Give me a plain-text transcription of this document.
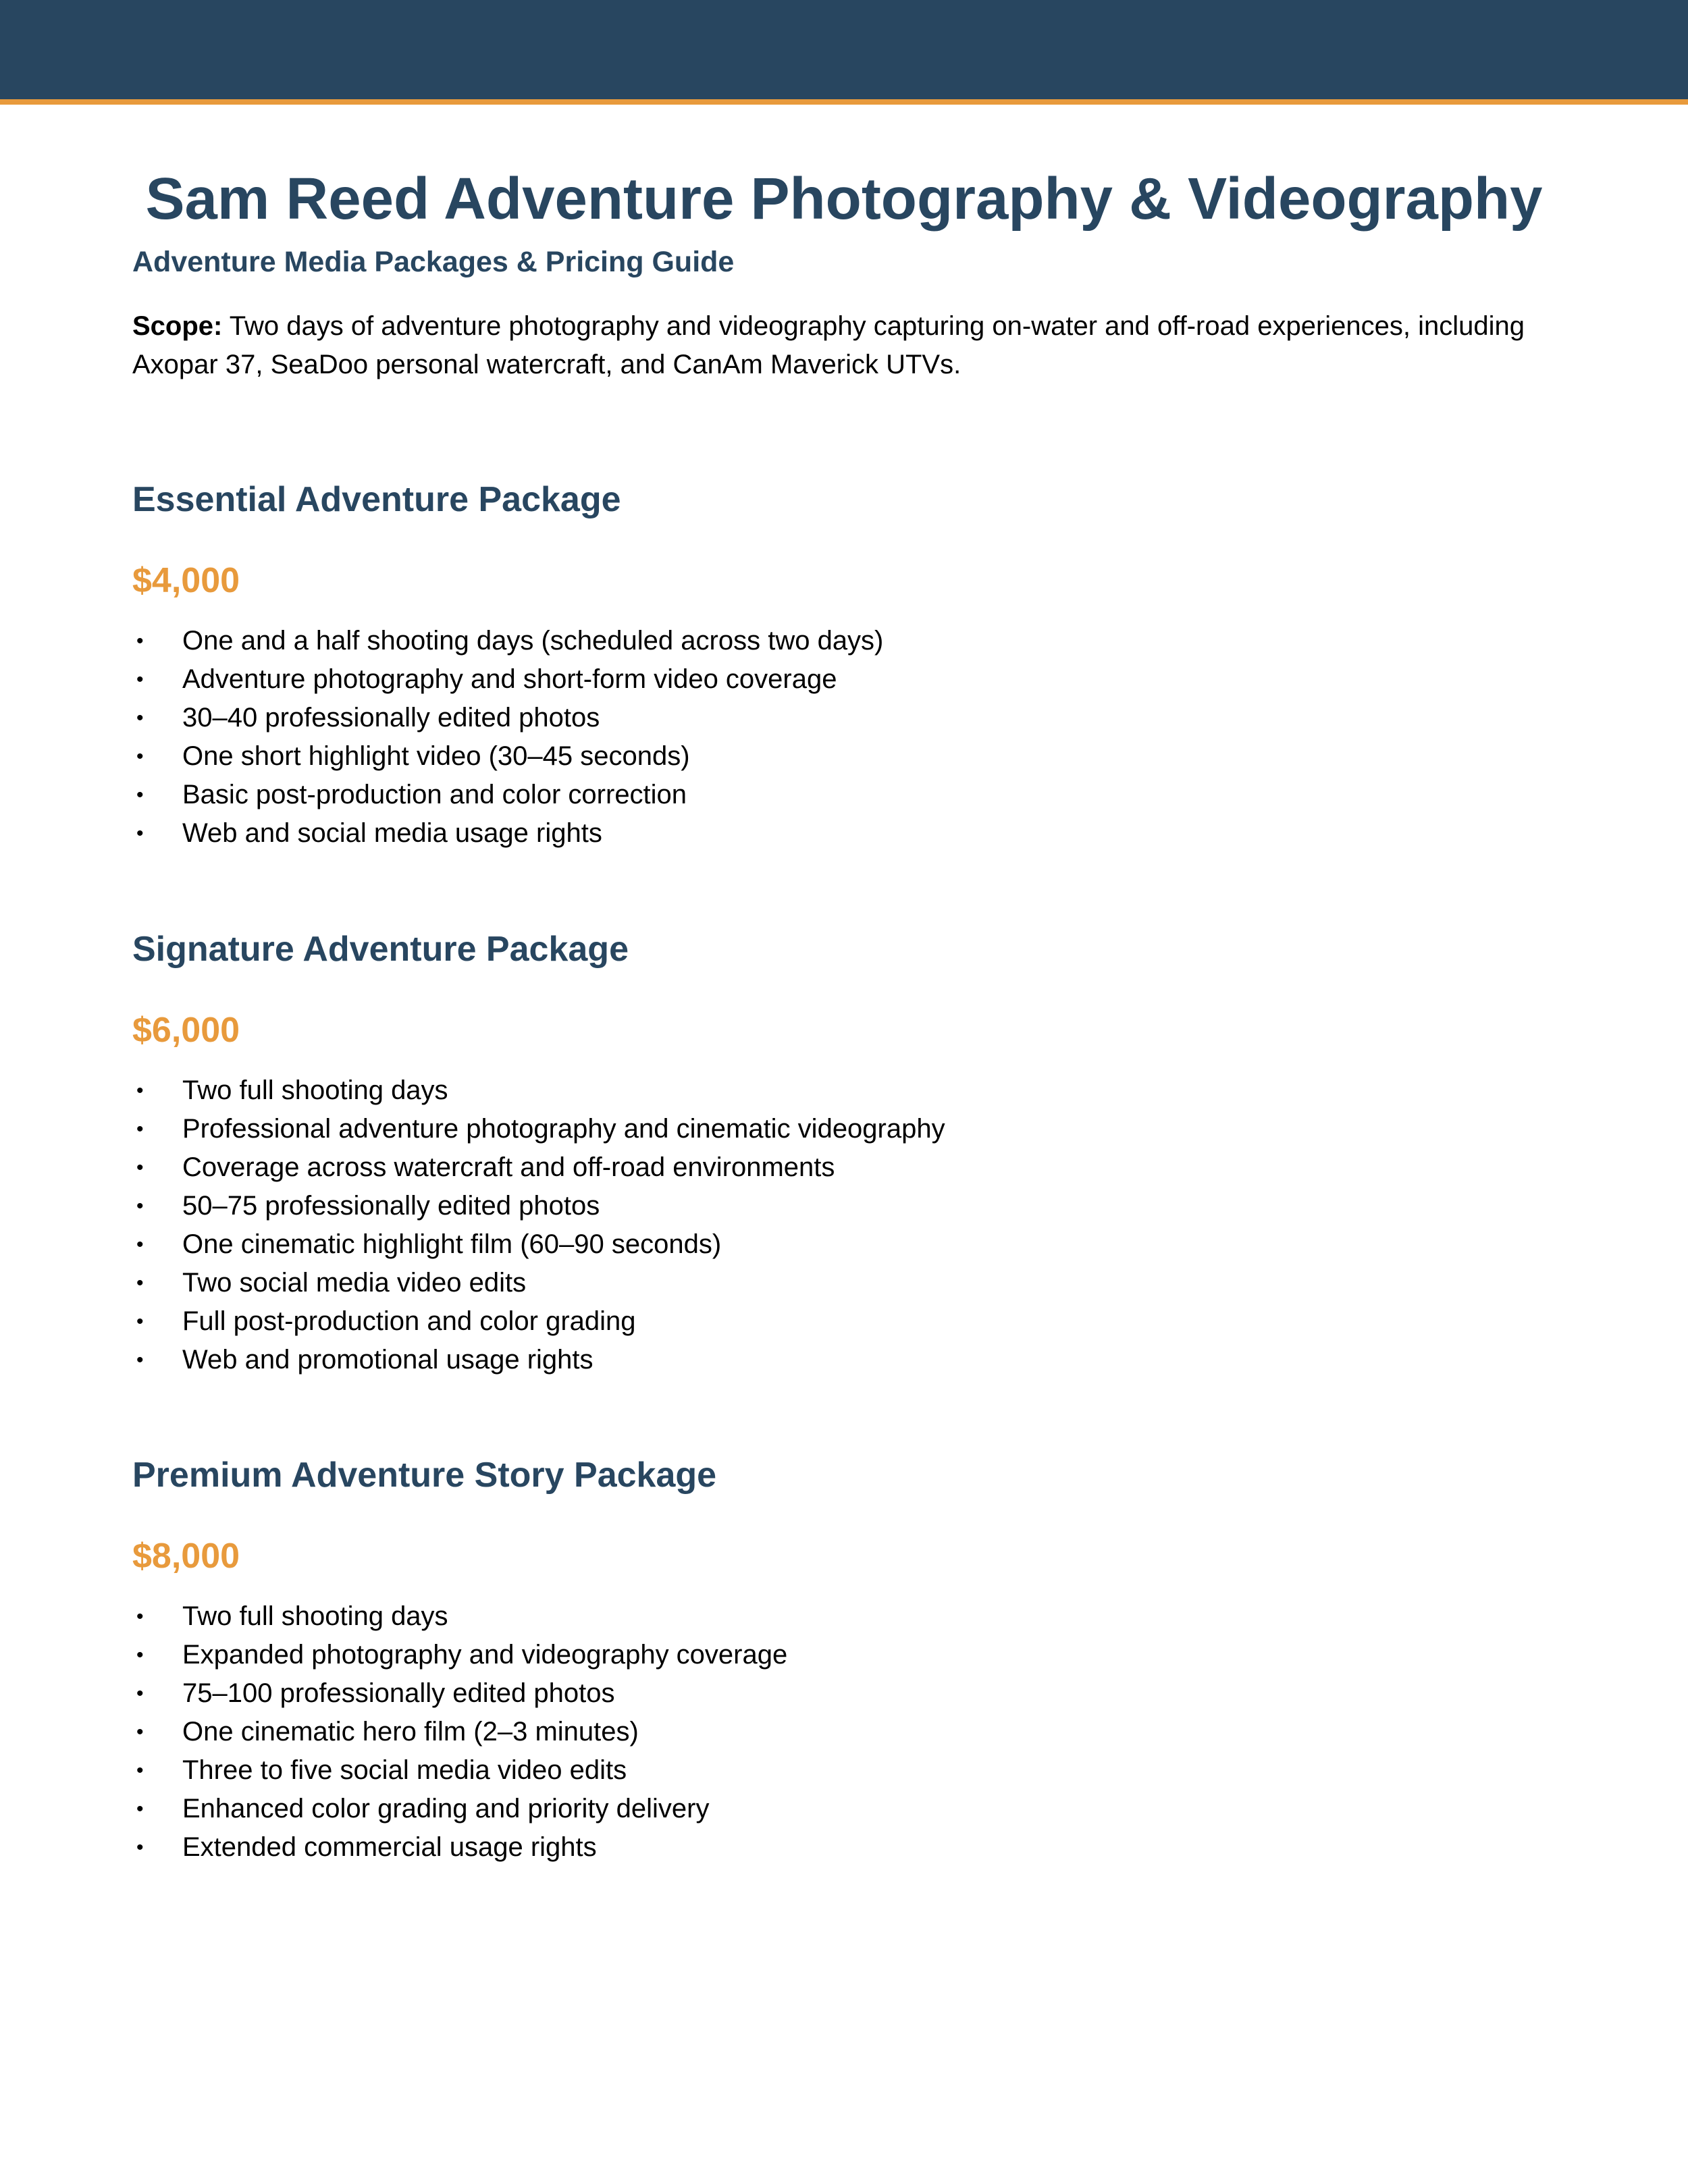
Sam Reed Adventure Photography & Videography
Adventure Media Packages & Pricing Guide

Scope: Two days of adventure photography and videography capturing on-water and off-road experiences, including Axopar 37, SeaDoo personal watercraft, and CanAm Maverick UTVs.

Essential Adventure Package
$4,000
• One and a half shooting days (scheduled across two days)
• Adventure photography and short-form video coverage
• 30–40 professionally edited photos
• One short highlight video (30–45 seconds)
• Basic post-production and color correction
• Web and social media usage rights
Signature Adventure Package
$6,000
• Two full shooting days
• Professional adventure photography and cinematic videography
• Coverage across watercraft and off-road environments
• 50–75 professionally edited photos
• One cinematic highlight film (60–90 seconds)
• Two social media video edits
• Full post-production and color grading
• Web and promotional usage rights
Premium Adventure Story Package
$8,000
• Two full shooting days
• Expanded photography and videography coverage
• 75–100 professionally edited photos
• One cinematic hero film (2–3 minutes)
• Three to five social media video edits
• Enhanced color grading and priority delivery
• Extended commercial usage rights
